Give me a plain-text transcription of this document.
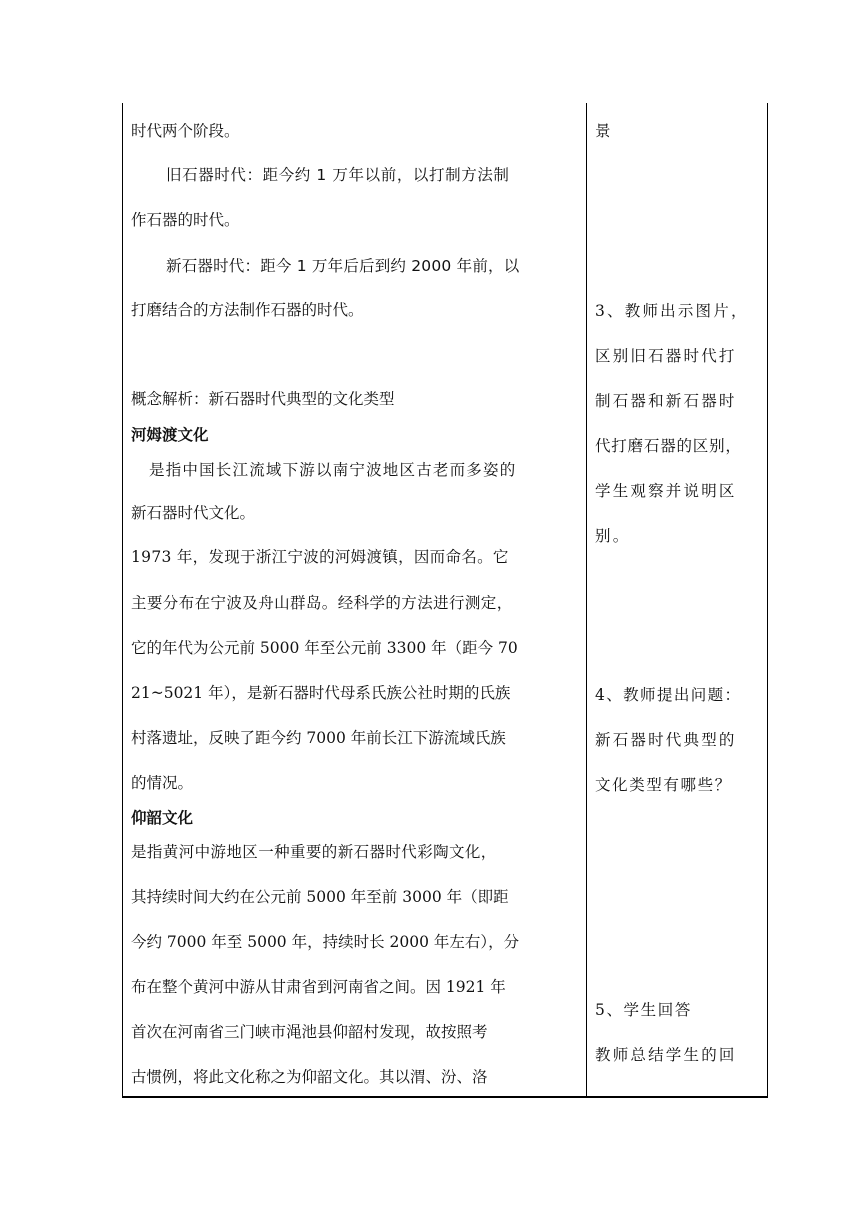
时代两个阶段。
旧石器时代：距今约 1 万年以前，以打制方法制
作石器的时代。
新石器时代：距今 1 万年后后到约 2000 年前，以
打磨结合的方法制作石器的时代。
概念解析：新石器时代典型的文化类型
河姆渡文化
是指中国长江流域下游以南宁波地区古老而多姿的
新石器时代文化。
1973 年，发现于浙江宁波的河姆渡镇，因而命名。它
主要分布在宁波及舟山群岛。经科学的方法进行测定，
它的年代为公元前 5000 年至公元前 3300 年（距今 70
21~5021 年），是新石器时代母系氏族公社时期的氏族
村落遗址，反映了距今约 7000 年前长江下游流域氏族
的情况。
仰韶文化
是指黄河中游地区一种重要的新石器时代彩陶文化，
其持续时间大约在公元前 5000 年至前 3000 年（即距
今约 7000 年至 5000 年，持续时长 2000 年左右），分
布在整个黄河中游从甘肃省到河南省之间。因 1921 年
首次在河南省三门峡市渑池县仰韶村发现，故按照考
古惯例，将此文化称之为仰韶文化。其以渭、汾、洛
景
3、教师出示图片，
区别旧石器时代打
制石器和新石器时
代打磨石器的区别，
学生观察并说明区
别。
4、教师提出问题：
新石器时代典型的
文化类型有哪些？
5、学生回答
教师总结学生的回
